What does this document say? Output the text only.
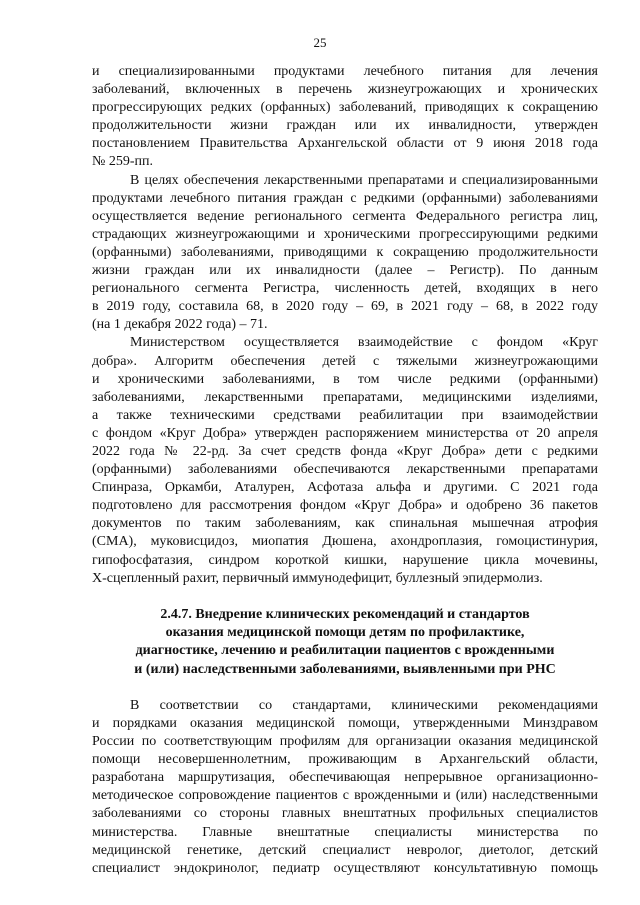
25
и специализированными продуктами лечебного питания для лечения
заболеваний, включенных в перечень жизнеугрожающих и хронических
прогрессирующих редких (орфанных) заболеваний, приводящих к сокращению
продолжительности жизни граждан или их инвалидности, утвержден
постановлением Правительства Архангельской области от 9 июня 2018 года
№ 259-пп.
В целях обеспечения лекарственными препаратами и специализированными
продуктами лечебного питания граждан с редкими (орфанными) заболеваниями
осуществляется ведение регионального сегмента Федерального регистра лиц,
страдающих жизнеугрожающими и хроническими прогрессирующими редкими
(орфанными) заболеваниями, приводящими к сокращению продолжительности
жизни граждан или их инвалидности (далее – Регистр). По данным
регионального сегмента Регистра, численность детей, входящих в него
в 2019 году, составила 68, в 2020 году – 69, в 2021 году – 68, в 2022 году
(на 1 декабря 2022 года) – 71.
Министерством осуществляется взаимодействие с фондом «Круг
добра». Алгоритм обеспечения детей с тяжелыми жизнеугрожающими
и хроническими заболеваниями, в том числе редкими (орфанными)
заболеваниями, лекарственными препаратами, медицинскими изделиями,
а также техническими средствами реабилитации при взаимодействии
с фондом «Круг Добра» утвержден распоряжением министерства от 20 апреля
2022 года № 22-рд. За счет средств фонда «Круг Добра» дети с редкими
(орфанными) заболеваниями обеспечиваются лекарственными препаратами
Спинраза, Оркамби, Аталурен, Асфотаза альфа и другими. С 2021 года
подготовлено для рассмотрения фондом «Круг Добра» и одобрено 36 пакетов
документов по таким заболеваниям, как спинальная мышечная атрофия
(СМА), муковисцидоз, миопатия Дюшена, ахондроплазия, гомоцистинурия,
гипофосфатазия, синдром короткой кишки, нарушение цикла мочевины,
Х-сцепленный рахит, первичный иммунодефицит, буллезный эпидермолиз.
2.4.7. Внедрение клинических рекомендаций и стандартов
оказания медицинской помощи детям по профилактике,
диагностике, лечению и реабилитации пациентов с врожденными
и (или) наследственными заболеваниями, выявленными при РНС
В соответствии со стандартами, клиническими рекомендациями
и порядками оказания медицинской помощи, утвержденными Минздравом
России по соответствующим профилям для организации оказания медицинской
помощи несовершеннолетним, проживающим в Архангельский области,
разработана маршрутизация, обеспечивающая непрерывное организационно-
методическое сопровождение пациентов с врожденными и (или) наследственными
заболеваниями со стороны главных внештатных профильных специалистов
министерства. Главные внештатные специалисты министерства по
медицинской генетике, детский специалист невролог, диетолог, детский
специалист эндокринолог, педиатр осуществляют консультативную помощь
